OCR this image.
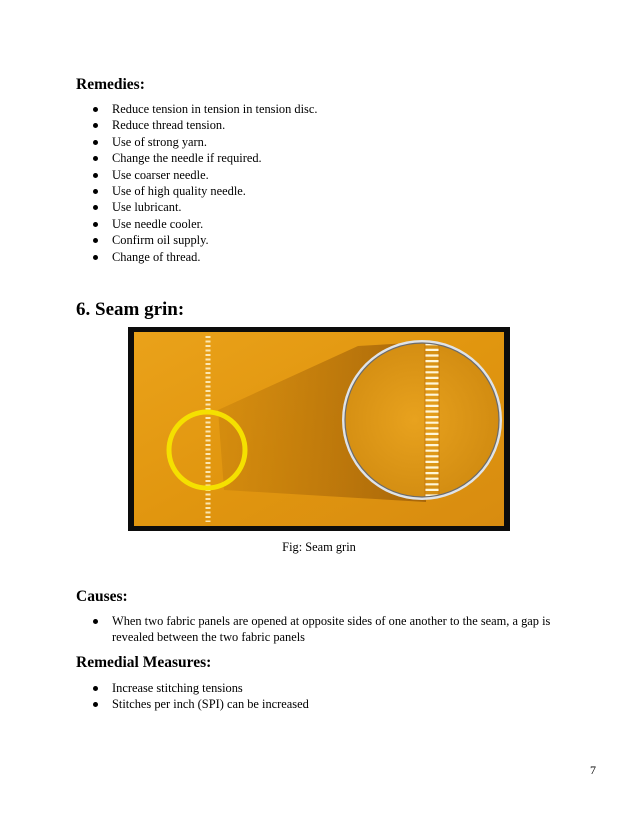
Remedies:
Reduce tension in tension in tension disc.
Reduce thread tension.
Use of strong yarn.
Change the needle if required.
Use coarser needle.
Use of high quality needle.
Use lubricant.
Use needle cooler.
Confirm oil supply.
Change of thread.
6. Seam grin:
Fig: Seam grin
Causes:
When two fabric panels are opened at opposite sides of one another to the seam, a gap is revealed between the two fabric panels
Remedial Measures:
Increase stitching tensions
Stitches per inch (SPI) can be increased
7
